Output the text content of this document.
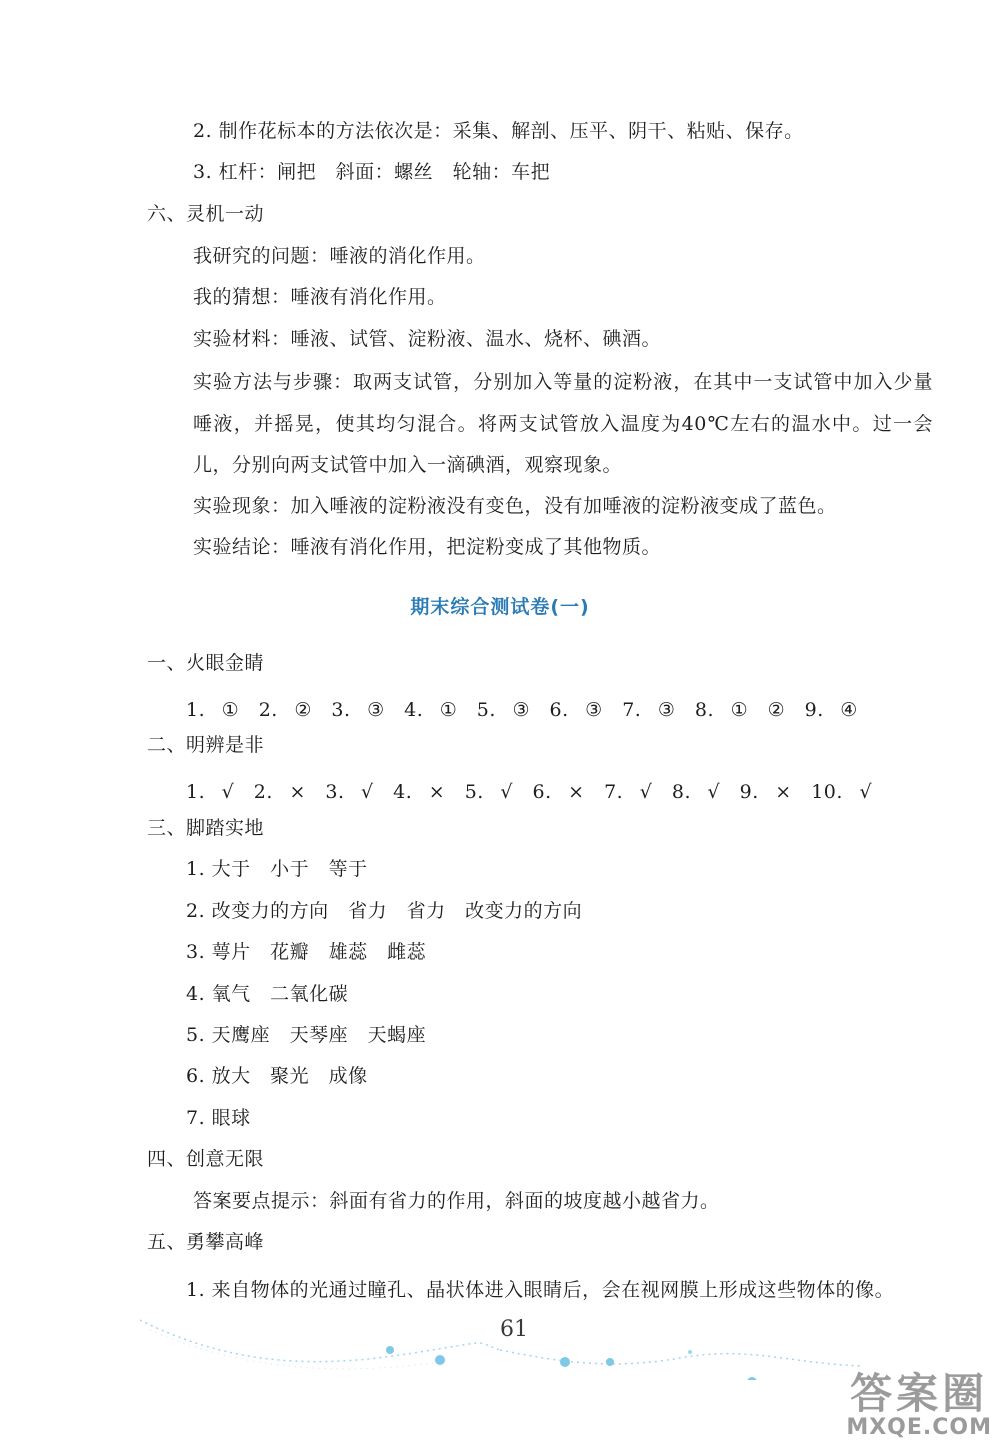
2. 制作花标本的方法依次是：采集、解剖、压平、阴干、粘贴、保存。
3. 杠杆：闸把　斜面：螺丝　轮轴：车把
六、灵机一动
我研究的问题：唾液的消化作用。
我的猜想：唾液有消化作用。
实验材料：唾液、试管、淀粉液、温水、烧杯、碘酒。
实验方法与步骤：取两支试管，分别加入等量的淀粉液，在其中一支试管中加入少量唾液，并摇晃，使其均匀混合。将两支试管放入温度为40℃左右的温水中。过一会儿，分别向两支试管中加入一滴碘酒，观察现象。
实验现象：加入唾液的淀粉液没有变色，没有加唾液的淀粉液变成了蓝色。
实验结论：唾液有消化作用，把淀粉变成了其他物质。
期末综合测试卷(一)
一、火眼金睛
1. ①　2. ②　3. ③　4. ①　5. ③　6. ③　7. ③　8. ①　②　9. ④
二、明辨是非
1. √　2. ×　3. √　4. ×　5. √　6. ×　7. √　8. √　9. ×　10. √
三、脚踏实地
1. 大于　小于　等于
2. 改变力的方向　省力　省力　改变力的方向
3. 萼片　花瓣　雄蕊　雌蕊
4. 氧气　二氧化碳
5. 天鹰座　天琴座　天蝎座
6. 放大　聚光　成像
7. 眼球
四、创意无限
答案要点提示：斜面有省力的作用，斜面的坡度越小越省力。
五、勇攀高峰
1. 来自物体的光通过瞳孔、晶状体进入眼睛后，会在视网膜上形成这些物体的像。
61
答案圈
MXQE.COM
